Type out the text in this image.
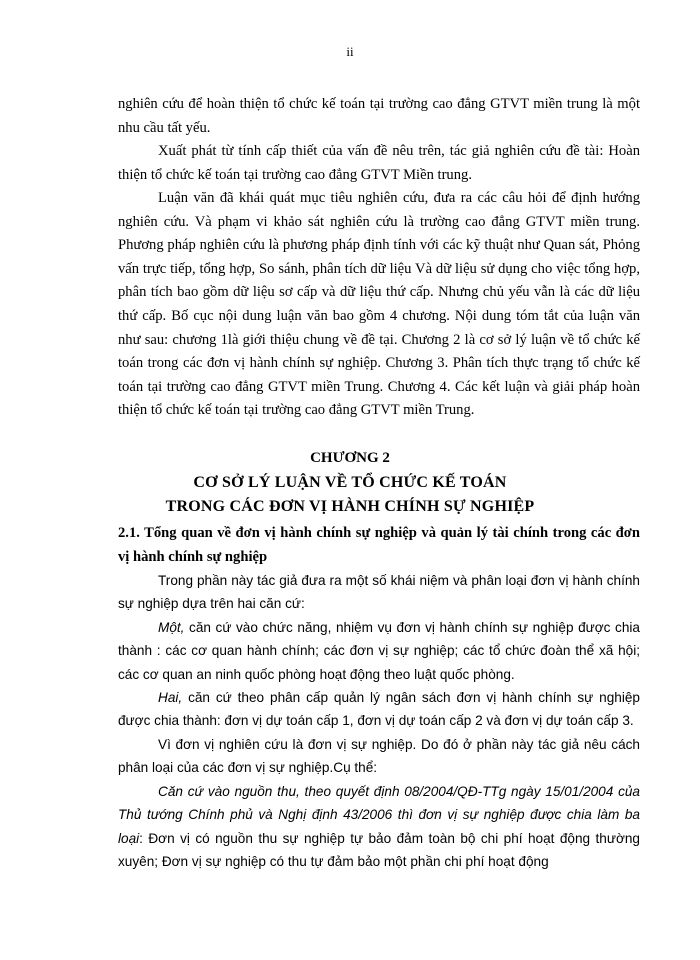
ii

nghiên cứu để hoàn thiện tổ chức kế toán tại trường cao đẳng GTVT miền trung là một nhu cầu tất yếu.

Xuất phát từ tính cấp thiết của vấn đề nêu trên, tác giả nghiên cứu đề tài: Hoàn thiện tổ chức kế toán tại trường cao đẳng GTVT Miền trung.

Luận văn đã khái quát mục tiêu nghiên cứu, đưa ra các câu hỏi để định hướng nghiên cứu. Và phạm vi khảo sát nghiên cứu là trường cao đẳng GTVT miền trung. Phương pháp nghiên cứu là phương pháp định tính với các kỹ thuật như Quan sát, Phỏng vấn trực tiếp, tổng hợp, So sánh, phân tích dữ liệu Và dữ liệu sử dụng cho việc tổng hợp, phân tích bao gồm dữ liệu sơ cấp và dữ liệu thứ cấp. Nhưng chủ yếu vẫn là các dữ liệu thứ cấp. Bố cục nội dung luận văn bao gồm 4 chương. Nội dung tóm tắt của luận văn như sau: chương 1là giới thiệu chung về đề tại. Chương 2 là cơ sở lý luận về tổ chức kế toán trong các đơn vị hành chính sự nghiệp. Chương 3. Phân tích thực trạng tổ chức kế toán tại trường cao đẳng GTVT miền Trung. Chương 4. Các kết luận và giải pháp hoàn thiện tổ chức kế toán tại trường cao đẳng GTVT miền Trung.

CHƯƠNG 2

CƠ SỞ LÝ LUẬN VỀ TỔ CHỨC KẾ TOÁN

TRONG CÁC ĐƠN VỊ HÀNH CHÍNH SỰ NGHIỆP

2.1. Tổng quan về đơn vị hành chính sự nghiệp và quản lý tài chính trong các đơn vị hành chính sự nghiệp

Trong phần này tác giả đưa ra một số khái niệm và phân loại đơn vị hành chính sự nghiệp dựa trên hai căn cứ:

Một, căn cứ vào chức năng, nhiệm vụ đơn vị hành chính sự nghiệp được chia thành : các cơ quan hành chính; các đơn vị sự nghiệp; các tổ chức đoàn thể xã hội; các cơ quan an ninh quốc phòng hoạt động theo luật quốc phòng.

Hai, căn cứ theo phân cấp quản lý ngân sách đơn vị hành chính sự nghiệp được chia thành: đơn vị dự toán cấp 1, đơn vị dự toán cấp 2 và đơn vị dự toán cấp 3.

Vì đơn vị nghiên cứu là đơn vị sự nghiệp. Do đó ở phần này tác giả nêu cách phân loại của các đơn vị sự nghiệp.Cụ thể:

Căn cứ vào nguồn thu, theo quyết định 08/2004/QĐ-TTg ngày 15/01/2004 của Thủ tướng Chính phủ và Nghị định 43/2006 thì đơn vị sự nghiệp được chia làm ba loại: Đơn vị có nguồn thu sự nghiệp tự bảo đảm toàn bộ chi phí hoạt động thường xuyên; Đơn vị sự nghiệp có thu tự đảm bảo một phần chi phí hoạt động
